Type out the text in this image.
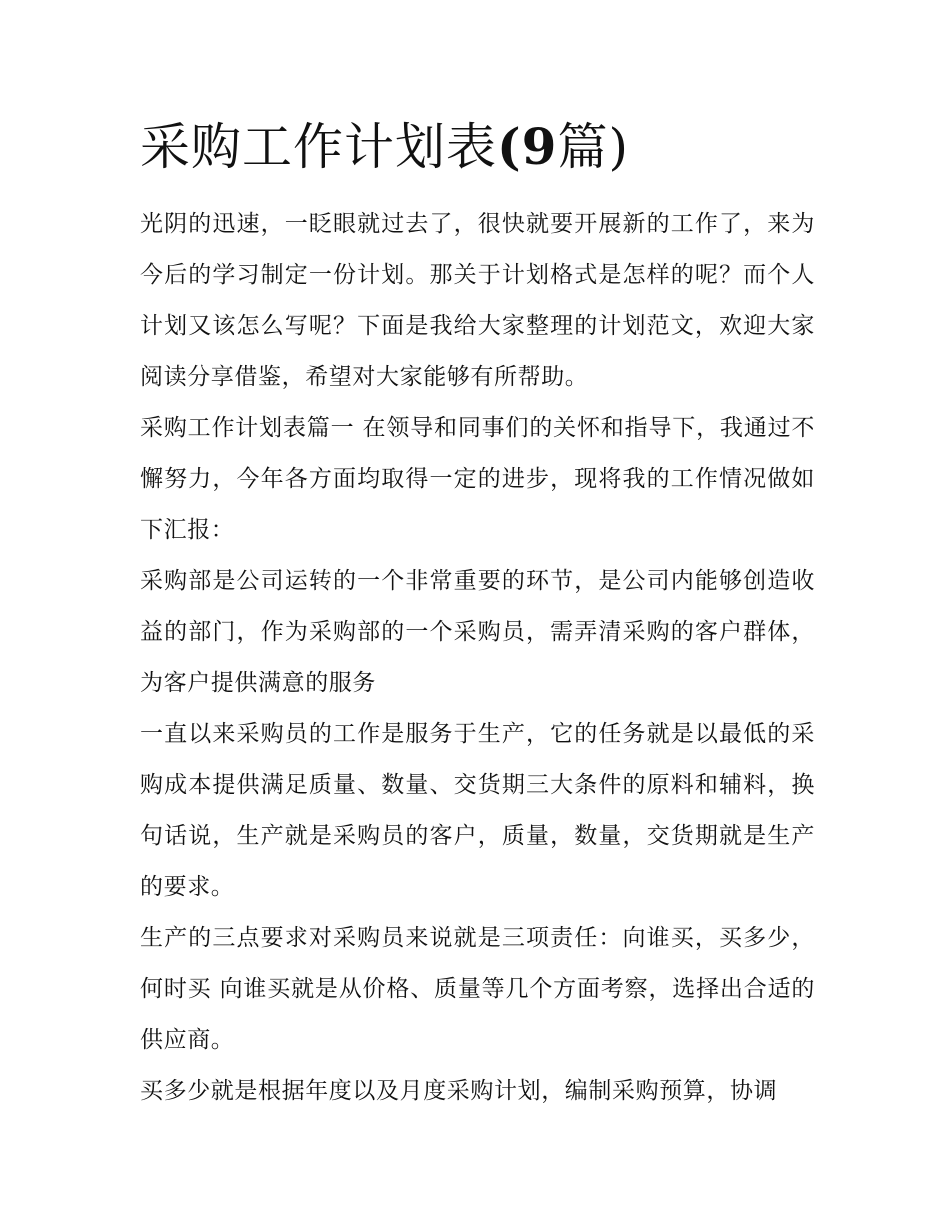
采购工作计划表(9篇)

光阴的迅速，一眨眼就过去了，很快就要开展新的工作了，来为今后的学习制定一份计划。那关于计划格式是怎样的呢？而个人计划又该怎么写呢？下面是我给大家整理的计划范文，欢迎大家阅读分享借鉴，希望对大家能够有所帮助。

采购工作计划表篇一 在领导和同事们的关怀和指导下，我通过不懈努力，今年各方面均取得一定的进步，现将我的工作情况做如下汇报：

采购部是公司运转的一个非常重要的环节，是公司内能够创造收益的部门，作为采购部的一个采购员，需弄清采购的客户群体，为客户提供满意的服务

一直以来采购员的工作是服务于生产，它的任务就是以最低的采购成本提供满足质量、数量、交货期三大条件的原料和辅料，换句话说，生产就是采购员的客户，质量，数量，交货期就是生产的要求。

生产的三点要求对采购员来说就是三项责任：向谁买，买多少，何时买 向谁买就是从价格、质量等几个方面考察，选择出合适的供应商。

买多少就是根据年度以及月度采购计划，编制采购预算，协调
